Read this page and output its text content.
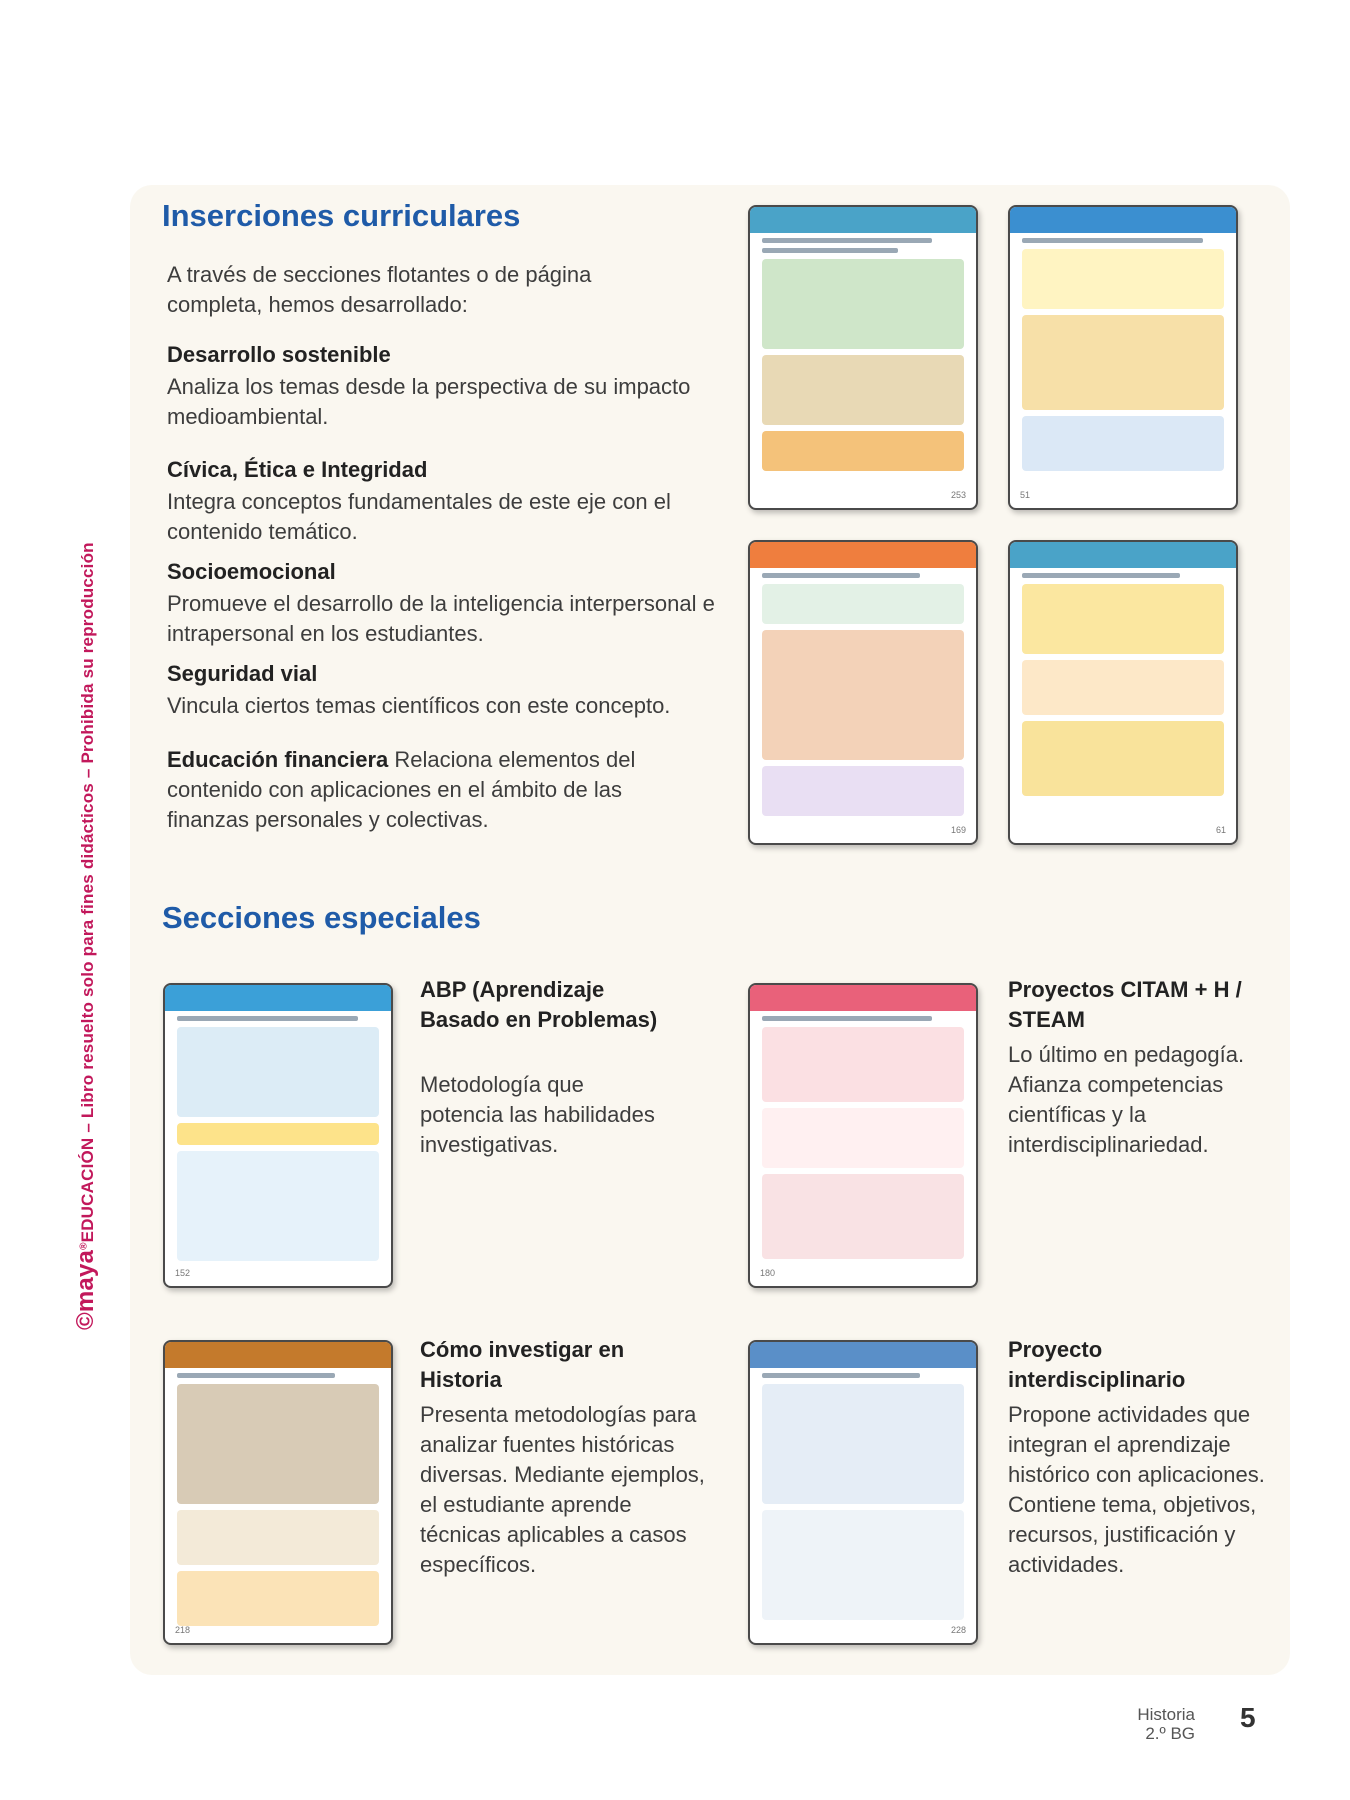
©maya®EDUCACIÓN – Libro resuelto solo para fines didácticos – Prohibida su reproducción
Inserciones curriculares
A través de secciones flotantes o de página completa, hemos desarrollado:
Desarrollo sostenible
Analiza los temas desde la perspectiva de su impacto medioambiental.
Cívica, Ética e Integridad
Integra conceptos fundamentales de este eje con el contenido temático.
Socioemocional
Promueve el desarrollo de la inteligencia interpersonal e intrapersonal en los estudiantes.
Seguridad vial
Vincula ciertos temas científicos con este concepto.
Educación financiera Relaciona elementos del contenido con aplicaciones en el ámbito de las finanzas personales y colectivas.
253	51
169	61
Secciones especiales
152
ABP (Aprendizaje Basado en Problemas)
Metodología que potencia las habilidades investigativas.
180
Proyectos CITAM + H / STEAM
Lo último en pedagogía. Afianza competencias científicas y la interdisciplinariedad.
218
Cómo investigar en Historia
Presenta metodologías para analizar fuentes históricas diversas. Mediante ejemplos, el estudiante aprende técnicas aplicables a casos específicos.
228
Proyecto interdisciplinario
Propone actividades que integran el aprendizaje histórico con aplicaciones. Contiene tema, objetivos, recursos, justificación y actividades.
Historia
2.º BG
5
